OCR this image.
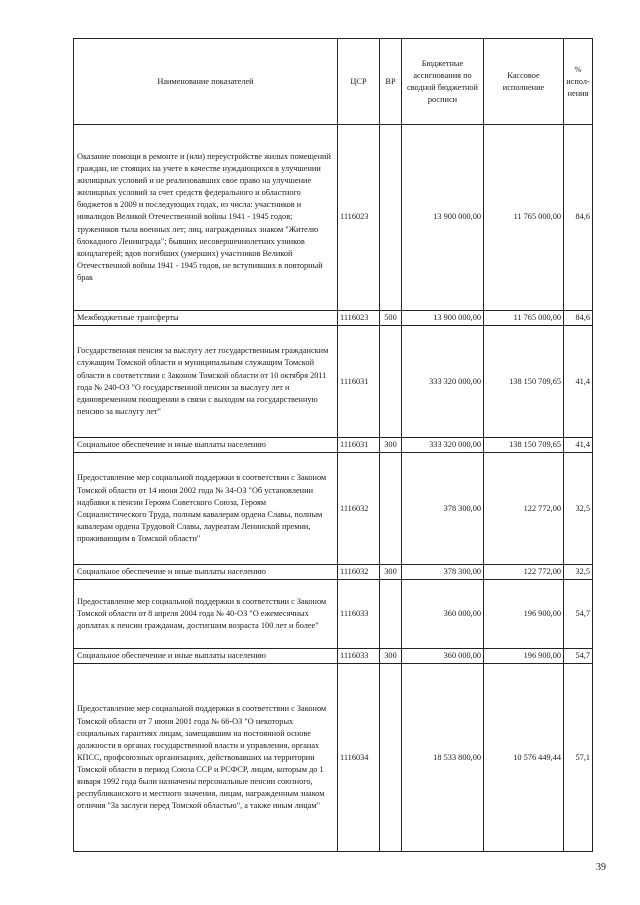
Наименование показателей	ЦСР	ВР	Бюджетные ассигнования по сводной бюджетной росписи	Кассовое исполнение	% испол- нения
Оказание помощи в ремонте и (или) переустройстве жилых помещений граждан, не стоящих на учете в качестве нуждающихся в улучшении жилищных условий и не реализовавших свое право на улучшение жилищных условий за счет средств федерального и областного бюджетов в 2009 и последующих годах, из числа: участников и инвалидов Великой Отечественной войны 1941 - 1945 годов; тружеников тыла военных лет; лиц, награжденных знаком "Жителю блокадного Ленинграда"; бывших несовершеннолетних узников концлагерей; вдов погибших (умерших) участников Великой Отечественной войны 1941 - 1945 годов, не вступивших в повторный брак	1116023		13 900 000,00	11 765 000,00	84,6
Межбюджетные трансферты	1116023	500	13 900 000,00	11 765 000,00	84,6
Государственная пенсия за выслугу лет государственным гражданским служащим Томской области и муниципальным служащим Томской области в соответствии с Законом Томской области от 10 октября 2011 года № 240-ОЗ "О государственной пенсии за выслугу лет и единовременном поощрении в связи с выходом на государственную пенсию за выслугу лет"	1116031		333 320 000,00	138 150 709,65	41,4
Социальное обеспечение и иные выплаты населению	1116031	300	333 320 000,00	138 150 709,65	41,4
Предоставление мер социальной поддержки в соответствии с Законом Томской области от 14 июня 2002 года № 34-ОЗ "Об установлении надбавки к пенсии Героям Советского Союза, Героям Социалистического Труда, полным кавалерам ордена Славы, полным кавалерам ордена Трудовой Славы, лауреатам Ленинской премии, проживающим в Томской области"	1116032		378 300,00	122 772,00	32,5
Социальное обеспечение и иные выплаты населению	1116032	300	378 300,00	122 772,00	32,5
Предоставление мер социальной поддержки в соответствии с Законом Томской области от 8 апреля 2004 года № 40-ОЗ "О ежемесячных доплатах к пенсии гражданам, достигшим возраста 100 лет и более"	1116033		360 000,00	196 900,00	54,7
Социальное обеспечение и иные выплаты населению	1116033	300	360 000,00	196 900,00	54,7
Предоставление мер социальной поддержки в соответствии с Законом Томской области от 7 июня 2001 года № 66-ОЗ "О некоторых социальных гарантиях лицам, замещавшим на постоянной основе должности в органах государственной власти и управления, органах КПСС, профсоюзных организациях, действовавших на территории Томской области в период Союза ССР и РСФСР, лицам, которым до 1 января 1992 года были назначены персональные пенсии союзного, республиканского и местного значения, лицам, награжденным знаком отличия "За заслуги перед Томской областью", а также иным лицам"	1116034		18 533 800,00	10 576 449,44	57,1
39
